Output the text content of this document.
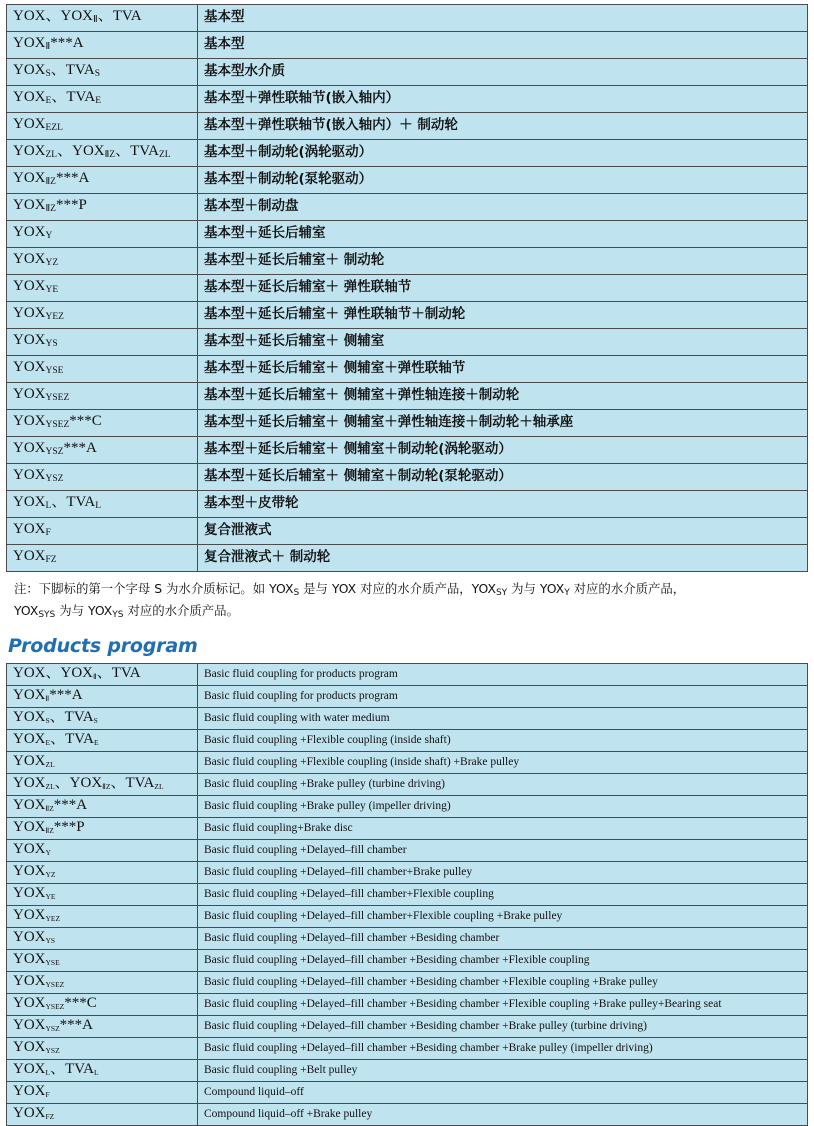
YOX、$YOX_Ⅱ$、TVA	基本型
$YOX_Ⅱ***A$	基本型
$YOX_S$、$TVA_S$	基本型水介质
$YOX_E$、$TVA_E$	基本型＋弹性联轴节(嵌入轴内）
$YOX_{EZL}$	基本型＋弹性联轴节(嵌入轴内）＋ 制动轮
$YOX_{ZL}$、$YOX_{ⅡZ}$、$TVA_{ZL}$	基本型＋制动轮(涡轮驱动）
$YOX_{ⅡZ}***A$	基本型＋制动轮(泵轮驱动）
$YOX_{ⅡZ}***P$	基本型＋制动盘
$YOX_Y$	基本型＋延长后辅室
$YOX_{YZ}$	基本型＋延长后辅室＋ 制动轮
$YOX_{YE}$	基本型＋延长后辅室＋ 弹性联轴节
$YOX_{YEZ}$	基本型＋延长后辅室＋ 弹性联轴节＋制动轮
$YOX_{YS}$	基本型＋延长后辅室＋ 侧辅室
$YOX_{YSE}$	基本型＋延长后辅室＋ 侧辅室＋弹性联轴节
$YOX_{YSEZ}$	基本型＋延长后辅室＋ 侧辅室＋弹性轴连接＋制动轮
$YOX_{YSEZ}***C$	基本型＋延长后辅室＋ 侧辅室＋弹性轴连接＋制动轮＋轴承座
$YOX_{YSZ}***A$	基本型＋延长后辅室＋ 侧辅室＋制动轮(涡轮驱动）
$YOX_{YSZ}$	基本型＋延长后辅室＋ 侧辅室＋制动轮(泵轮驱动）
$YOX_L$、$TVA_L$	基本型＋皮带轮
$YOX_F$	复合泄液式
$YOX_{FZ}$	复合泄液式＋ 制动轮
注：下脚标的第一个字母 S 为水介质标记。如 $YOX_S$ 是与 YOX 对应的水介质产品，$YOX_{SY}$ 为与 $YOX_Y$ 对应的水介质产品，
$YOX_{SYS}$ 为与 $YOX_{YS}$ 对应的水介质产品。
Products program
YOX、$YOX_Ⅱ$、TVA	Basic fluid coupling for products program
$YOX_Ⅱ***A$	Basic fluid coupling for products program
$YOX_S$、$TVA_S$	Basic fluid coupling with water medium
$YOX_E$、$TVA_E$	Basic fluid coupling +Flexible coupling (inside shaft)
$YOX_{ZL}$	Basic fluid coupling +Flexible coupling (inside shaft) +Brake pulley
$YOX_{ZL}$、$YOX_{ⅡZ}$、$TVA_{ZL}$	Basic fluid coupling +Brake pulley (turbine driving)
$YOX_{ⅡZ}***A$	Basic fluid coupling +Brake pulley (impeller driving)
$YOX_{ⅡZ}***P$	Basic fluid coupling+Brake disc
$YOX_Y$	Basic fluid coupling +Delayed–fill chamber
$YOX_{YZ}$	Basic fluid coupling +Delayed–fill chamber+Brake pulley
$YOX_{YE}$	Basic fluid coupling +Delayed–fill chamber+Flexible coupling
$YOX_{YEZ}$	Basic fluid coupling +Delayed–fill chamber+Flexible coupling +Brake pulley
$YOX_{YS}$	Basic fluid coupling +Delayed–fill chamber +Besiding chamber
$YOX_{YSE}$	Basic fluid coupling +Delayed–fill chamber +Besiding chamber +Flexible coupling
$YOX_{YSEZ}$	Basic fluid coupling +Delayed–fill chamber +Besiding chamber +Flexible coupling +Brake pulley
$YOX_{YSEZ}***C$	Basic fluid coupling +Delayed–fill chamber +Besiding chamber +Flexible coupling +Brake pulley+Bearing seat
$YOX_{YSZ}***A$	Basic fluid coupling +Delayed–fill chamber +Besiding chamber +Brake pulley (turbine driving)
$YOX_{YSZ}$	Basic fluid coupling +Delayed–fill chamber +Besiding chamber +Brake pulley (impeller driving)
$YOX_L$、$TVA_L$	Basic fluid coupling +Belt pulley
$YOX_F$	Compound liquid–off
$YOX_{FZ}$	Compound liquid–off +Brake pulley
